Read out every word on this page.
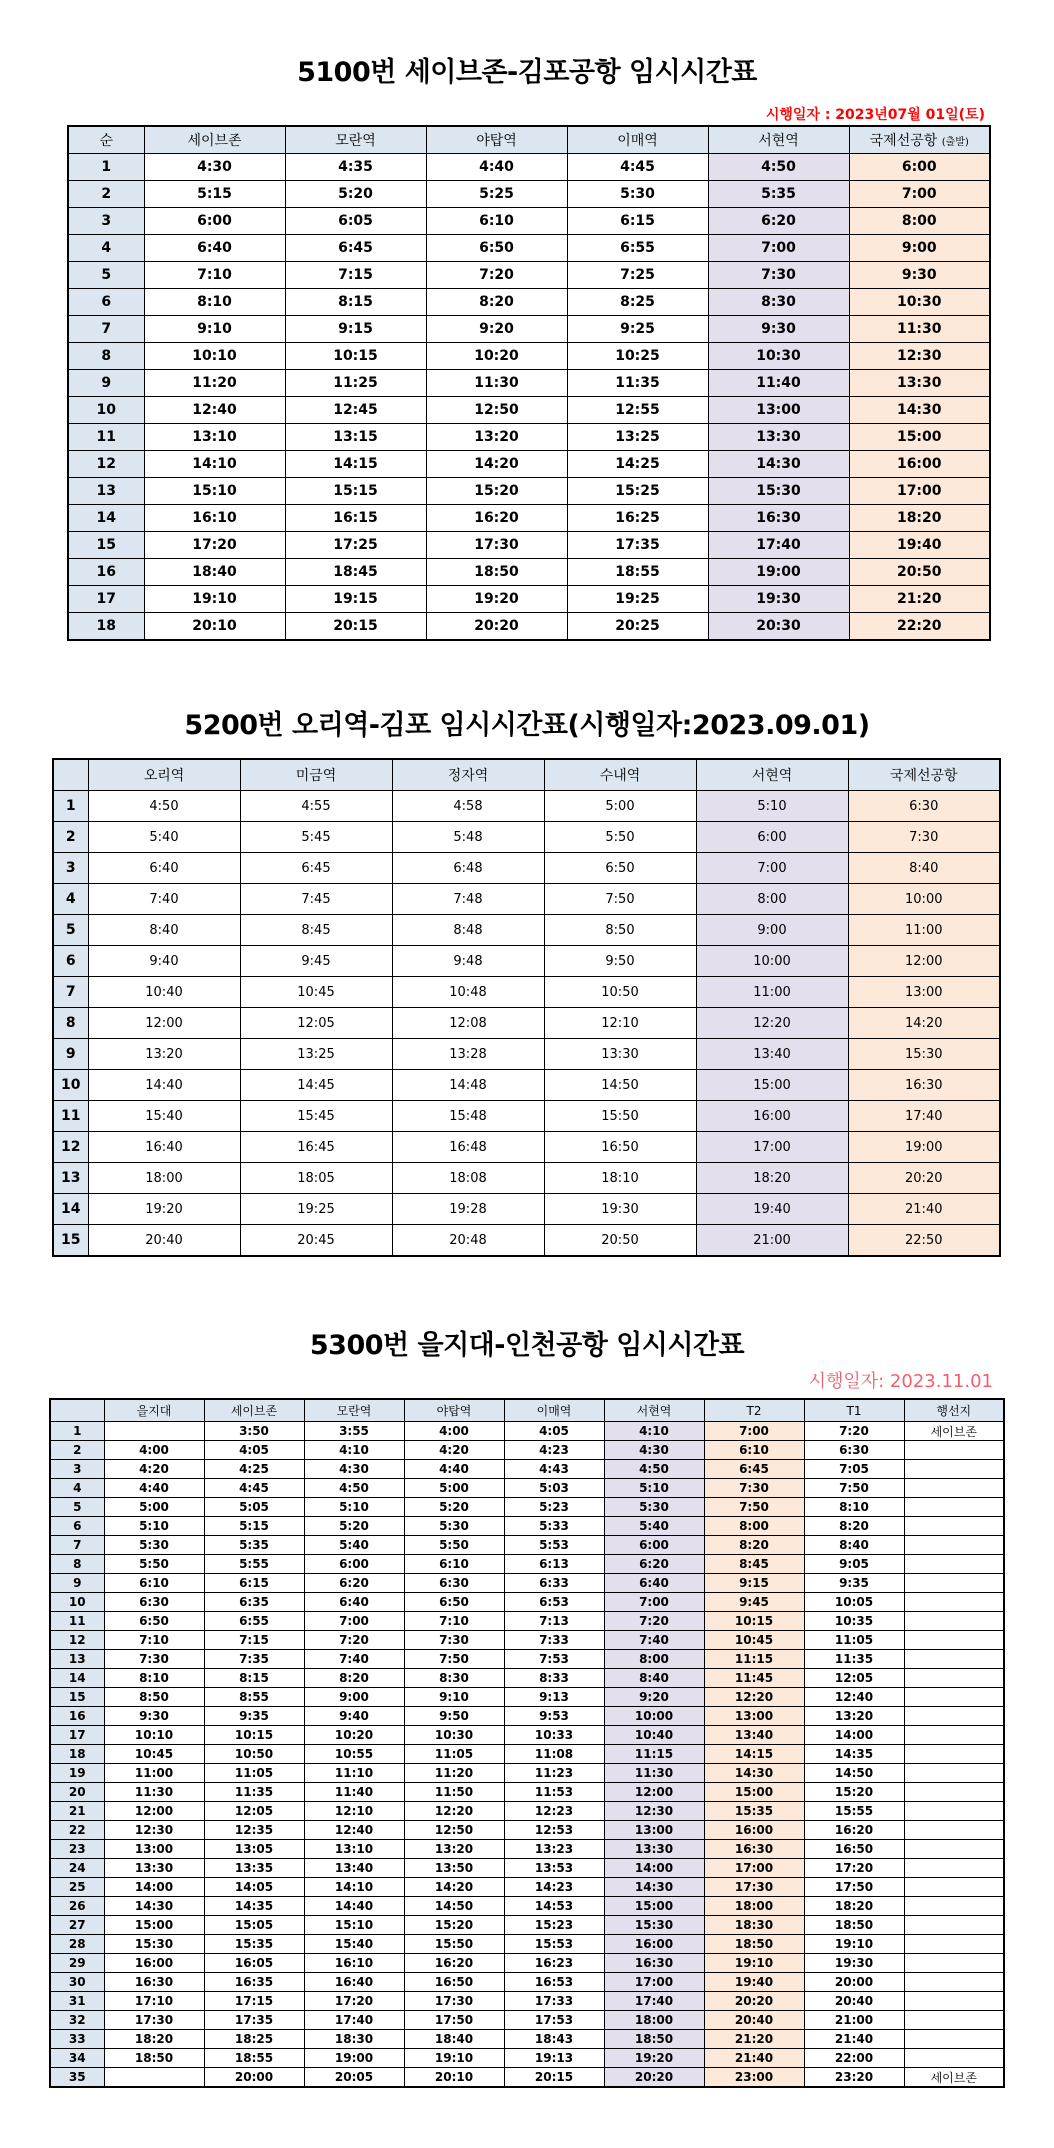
5100번 세이브존-김포공항 임시시간표
시행일자 : 2023년07월 01일(토)
순	세이브존	모란역	야탑역	이매역	서현역	국제선공항 (출발)
1	4:30	4:35	4:40	4:45	4:50	6:00
2	5:15	5:20	5:25	5:30	5:35	7:00
3	6:00	6:05	6:10	6:15	6:20	8:00
4	6:40	6:45	6:50	6:55	7:00	9:00
5	7:10	7:15	7:20	7:25	7:30	9:30
6	8:10	8:15	8:20	8:25	8:30	10:30
7	9:10	9:15	9:20	9:25	9:30	11:30
8	10:10	10:15	10:20	10:25	10:30	12:30
9	11:20	11:25	11:30	11:35	11:40	13:30
10	12:40	12:45	12:50	12:55	13:00	14:30
11	13:10	13:15	13:20	13:25	13:30	15:00
12	14:10	14:15	14:20	14:25	14:30	16:00
13	15:10	15:15	15:20	15:25	15:30	17:00
14	16:10	16:15	16:20	16:25	16:30	18:20
15	17:20	17:25	17:30	17:35	17:40	19:40
16	18:40	18:45	18:50	18:55	19:00	20:50
17	19:10	19:15	19:20	19:25	19:30	21:20
18	20:10	20:15	20:20	20:25	20:30	22:20
5200번 오리역-김포 임시시간표(시행일자:2023.09.01)
	오리역	미금역	정자역	수내역	서현역	국제선공항
1	4:50	4:55	4:58	5:00	5:10	6:30
2	5:40	5:45	5:48	5:50	6:00	7:30
3	6:40	6:45	6:48	6:50	7:00	8:40
4	7:40	7:45	7:48	7:50	8:00	10:00
5	8:40	8:45	8:48	8:50	9:00	11:00
6	9:40	9:45	9:48	9:50	10:00	12:00
7	10:40	10:45	10:48	10:50	11:00	13:00
8	12:00	12:05	12:08	12:10	12:20	14:20
9	13:20	13:25	13:28	13:30	13:40	15:30
10	14:40	14:45	14:48	14:50	15:00	16:30
11	15:40	15:45	15:48	15:50	16:00	17:40
12	16:40	16:45	16:48	16:50	17:00	19:00
13	18:00	18:05	18:08	18:10	18:20	20:20
14	19:20	19:25	19:28	19:30	19:40	21:40
15	20:40	20:45	20:48	20:50	21:00	22:50
5300번 을지대-인천공항 임시시간표
시행일자: 2023.11.01
	을지대	세이브존	모란역	야탑역	이매역	서현역	T2	T1	행선지
1		3:50	3:55	4:00	4:05	4:10	7:00	7:20	세이브존
2	4:00	4:05	4:10	4:20	4:23	4:30	6:10	6:30	
3	4:20	4:25	4:30	4:40	4:43	4:50	6:45	7:05	
4	4:40	4:45	4:50	5:00	5:03	5:10	7:30	7:50	
5	5:00	5:05	5:10	5:20	5:23	5:30	7:50	8:10	
6	5:10	5:15	5:20	5:30	5:33	5:40	8:00	8:20	
7	5:30	5:35	5:40	5:50	5:53	6:00	8:20	8:40	
8	5:50	5:55	6:00	6:10	6:13	6:20	8:45	9:05	
9	6:10	6:15	6:20	6:30	6:33	6:40	9:15	9:35	
10	6:30	6:35	6:40	6:50	6:53	7:00	9:45	10:05	
11	6:50	6:55	7:00	7:10	7:13	7:20	10:15	10:35	
12	7:10	7:15	7:20	7:30	7:33	7:40	10:45	11:05	
13	7:30	7:35	7:40	7:50	7:53	8:00	11:15	11:35	
14	8:10	8:15	8:20	8:30	8:33	8:40	11:45	12:05	
15	8:50	8:55	9:00	9:10	9:13	9:20	12:20	12:40	
16	9:30	9:35	9:40	9:50	9:53	10:00	13:00	13:20	
17	10:10	10:15	10:20	10:30	10:33	10:40	13:40	14:00	
18	10:45	10:50	10:55	11:05	11:08	11:15	14:15	14:35	
19	11:00	11:05	11:10	11:20	11:23	11:30	14:30	14:50	
20	11:30	11:35	11:40	11:50	11:53	12:00	15:00	15:20	
21	12:00	12:05	12:10	12:20	12:23	12:30	15:35	15:55	
22	12:30	12:35	12:40	12:50	12:53	13:00	16:00	16:20	
23	13:00	13:05	13:10	13:20	13:23	13:30	16:30	16:50	
24	13:30	13:35	13:40	13:50	13:53	14:00	17:00	17:20	
25	14:00	14:05	14:10	14:20	14:23	14:30	17:30	17:50	
26	14:30	14:35	14:40	14:50	14:53	15:00	18:00	18:20	
27	15:00	15:05	15:10	15:20	15:23	15:30	18:30	18:50	
28	15:30	15:35	15:40	15:50	15:53	16:00	18:50	19:10	
29	16:00	16:05	16:10	16:20	16:23	16:30	19:10	19:30	
30	16:30	16:35	16:40	16:50	16:53	17:00	19:40	20:00	
31	17:10	17:15	17:20	17:30	17:33	17:40	20:20	20:40	
32	17:30	17:35	17:40	17:50	17:53	18:00	20:40	21:00	
33	18:20	18:25	18:30	18:40	18:43	18:50	21:20	21:40	
34	18:50	18:55	19:00	19:10	19:13	19:20	21:40	22:00	
35		20:00	20:05	20:10	20:15	20:20	23:00	23:20	세이브존
